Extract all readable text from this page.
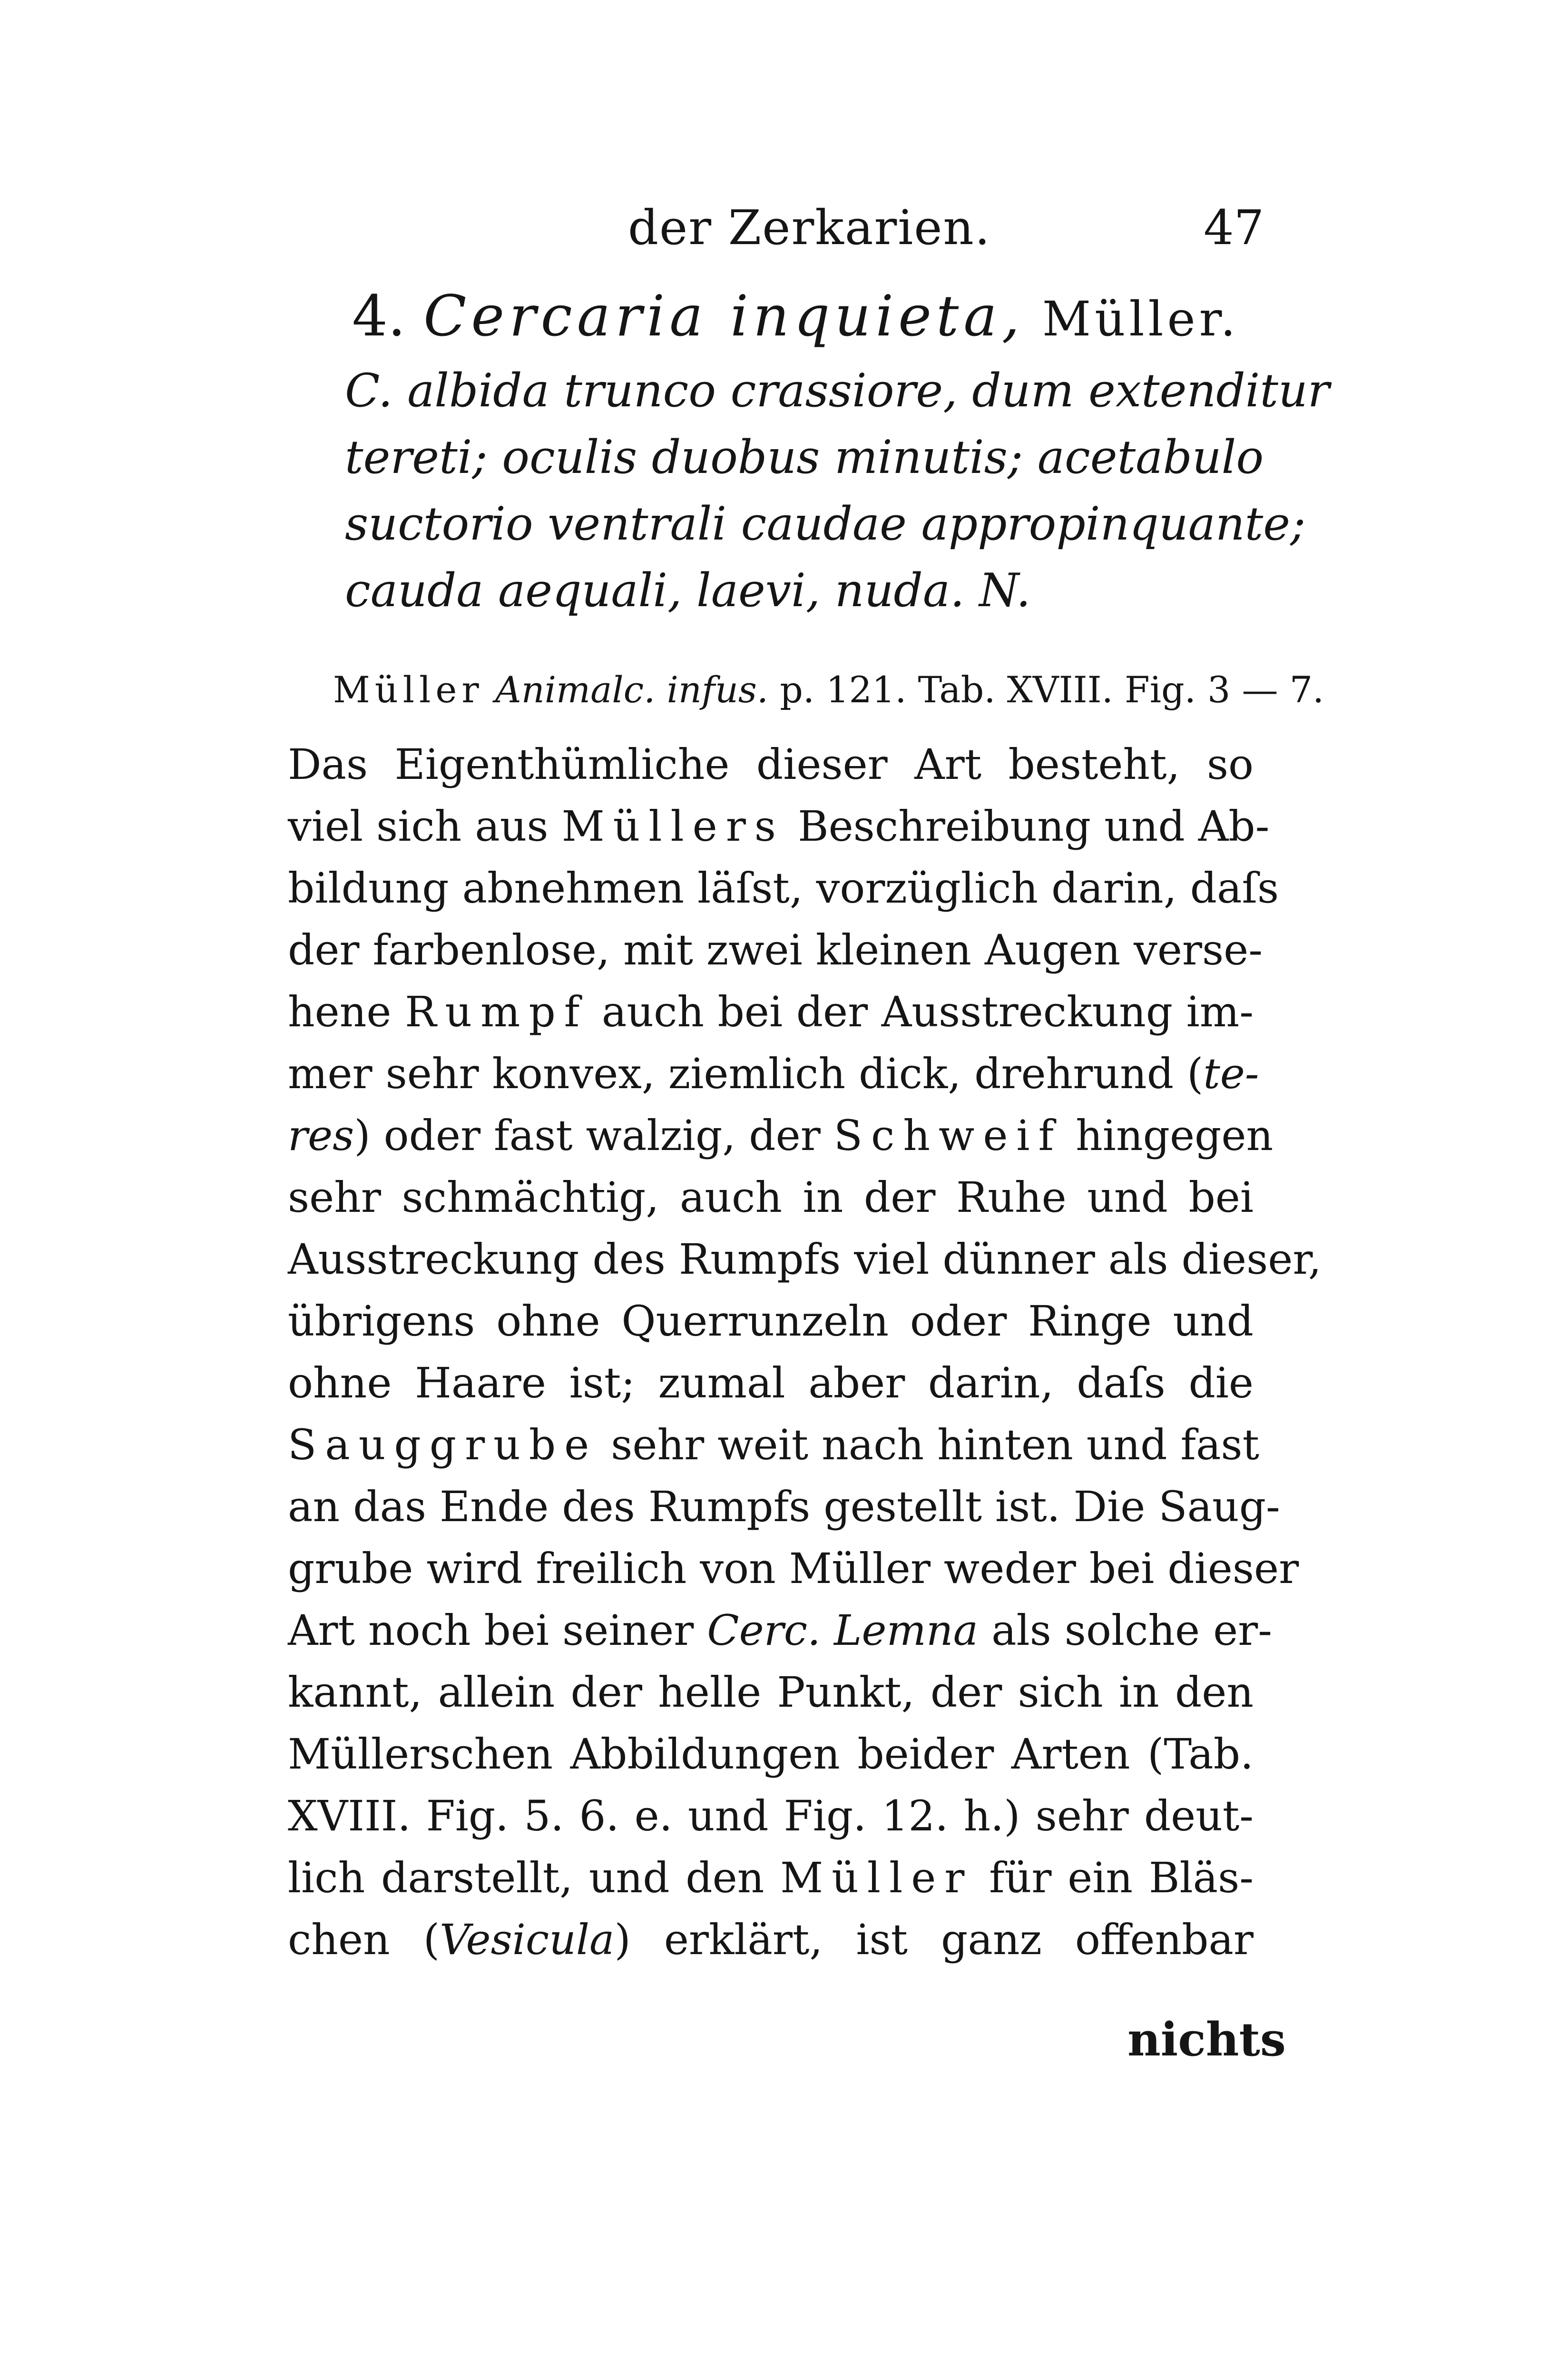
der Zerkarien.	47
4. Cercaria inquieta, Müller.
C. albida trunco crassiore, dum extenditur
tereti; oculis duobus minutis; acetabulo
suctorio ventrali caudae appropinquante;
cauda aequali, laevi, nuda. N.
Müller Animalc. infus. p. 121. Tab. XVIII. Fig. 3 — 7.
Das Eigenthümliche dieser Art besteht, so
viel sich aus Müllers Beschreibung und Ab-
bildung abnehmen läſst, vorzüglich darin, daſs
der farbenlose, mit zwei kleinen Augen verse-
hene Rumpf auch bei der Ausstreckung im-
mer sehr konvex, ziemlich dick, drehrund (te-
res) oder fast walzig, der Schweif hingegen
sehr schmächtig, auch in der Ruhe und bei
Ausstreckung des Rumpfs viel dünner als dieser,
übrigens ohne Querrunzeln oder Ringe und
ohne Haare ist; zumal aber darin, daſs die
Sauggrube sehr weit nach hinten und fast
an das Ende des Rumpfs gestellt ist. Die Saug-
grube wird freilich von Müller weder bei dieser
Art noch bei seiner Cerc. Lemna als solche er-
kannt, allein der helle Punkt, der sich in den
Müllerschen Abbildungen beider Arten (Tab.
XVIII. Fig. 5. 6. e. und Fig. 12. h.) sehr deut-
lich darstellt, und den Müller für ein Bläs-
chen (Vesicula) erklärt, ist ganz offenbar
nichts
